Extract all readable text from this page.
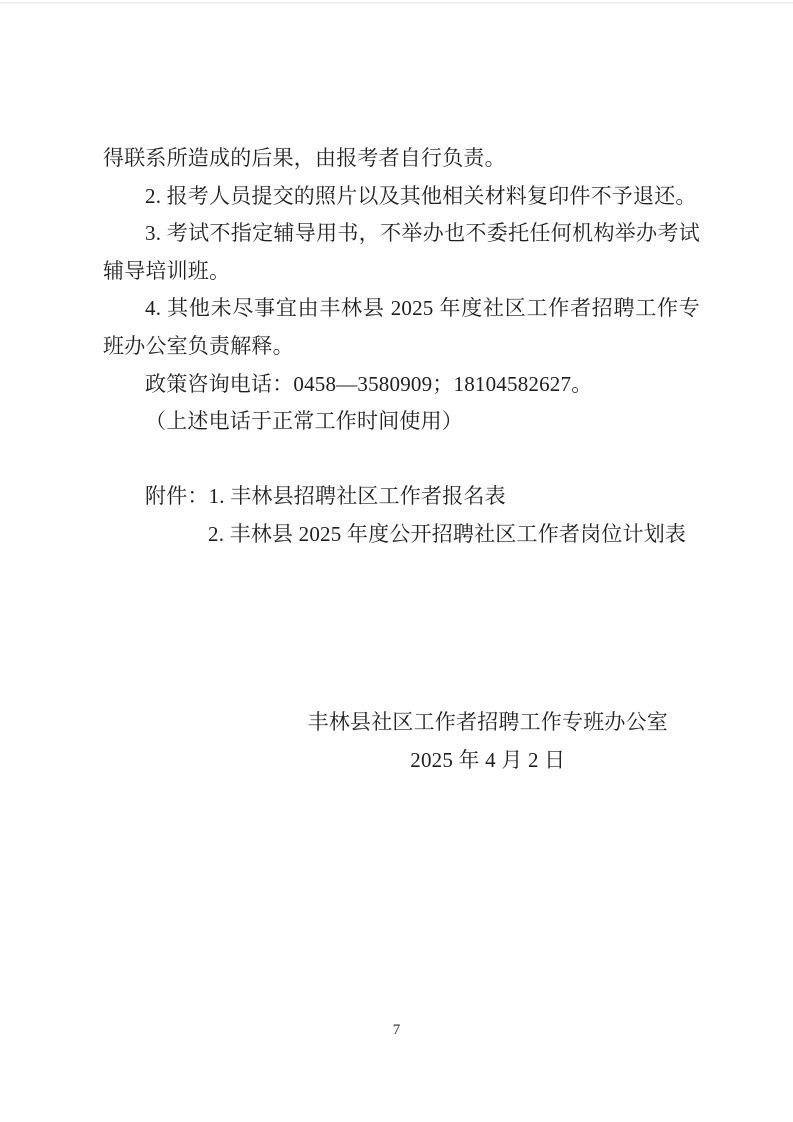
得联系所造成的后果，由报考者自行负责。

2. 报考人员提交的照片以及其他相关材料复印件不予退还。

3. 考试不指定辅导用书，不举办也不委托任何机构举办考试

辅导培训班。

4. 其他未尽事宜由丰林县 2025 年度社区工作者招聘工作专

班办公室负责解释。

政策咨询电话：0458—3580909；18104582627。

（上述电话于正常工作时间使用）

附件：1. 丰林县招聘社区工作者报名表

2. 丰林县 2025 年度公开招聘社区工作者岗位计划表

丰林县社区工作者招聘工作专班办公室

2025 年 4 月 2 日

7
